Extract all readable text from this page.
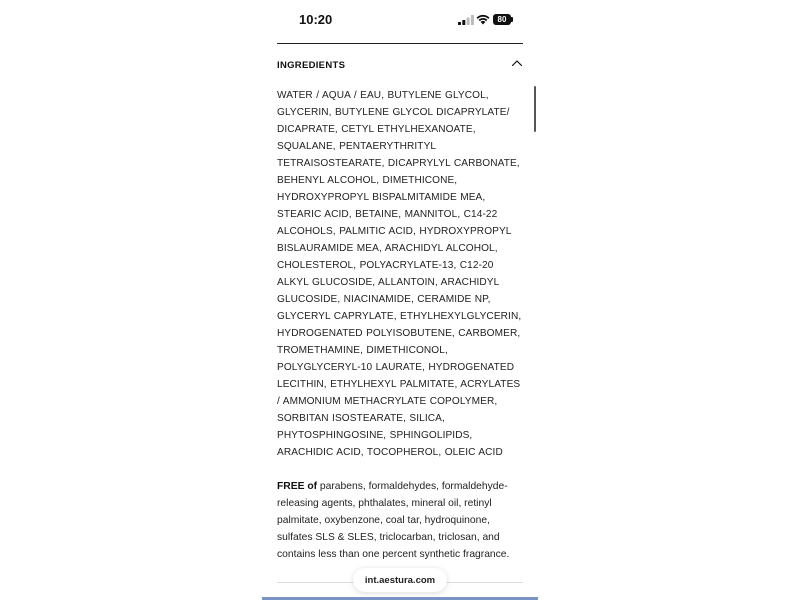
10:20	80
INGREDIENTS
WATER / AQUA / EAU, BUTYLENE GLYCOL, GLYCERIN, BUTYLENE GLYCOL DICAPRYLATE/ DICAPRATE, CETYL ETHYLHEXANOATE, SQUALANE, PENTAERYTHRITYL TETRAISOSTEARATE, DICAPRYLYL CARBONATE, BEHENYL ALCOHOL, DIMETHICONE, HYDROXYPROPYL BISPALMITAMIDE MEA, STEARIC ACID, BETAINE, MANNITOL, C14-22 ALCOHOLS, PALMITIC ACID, HYDROXYPROPYL BISLAURAMIDE MEA, ARACHIDYL ALCOHOL, CHOLESTEROL, POLYACRYLATE-13, C12-20 ALKYL GLUCOSIDE, ALLANTOIN, ARACHIDYL GLUCOSIDE, NIACINAMIDE, CERAMIDE NP, GLYCERYL CAPRYLATE, ETHYLHEXYLGLYCERIN, HYDROGENATED POLYISOBUTENE, CARBOMER, TROMETHAMINE, DIMETHICONOL, POLYGLYCERYL-10 LAURATE, HYDROGENATED LECITHIN, ETHYLHEXYL PALMITATE, ACRYLATES / AMMONIUM METHACRYLATE COPOLYMER, SORBITAN ISOSTEARATE, SILICA, PHYTOSPHINGOSINE, SPHINGOLIPIDS, ARACHIDIC ACID, TOCOPHEROL, OLEIC ACID
FREE of parabens, formaldehydes, formaldehyde-releasing agents, phthalates, mineral oil, retinyl palmitate, oxybenzone, coal tar, hydroquinone, sulfates SLS & SLES, triclocarban, triclosan, and contains less than one percent synthetic fragrance.
int.aestura.com
